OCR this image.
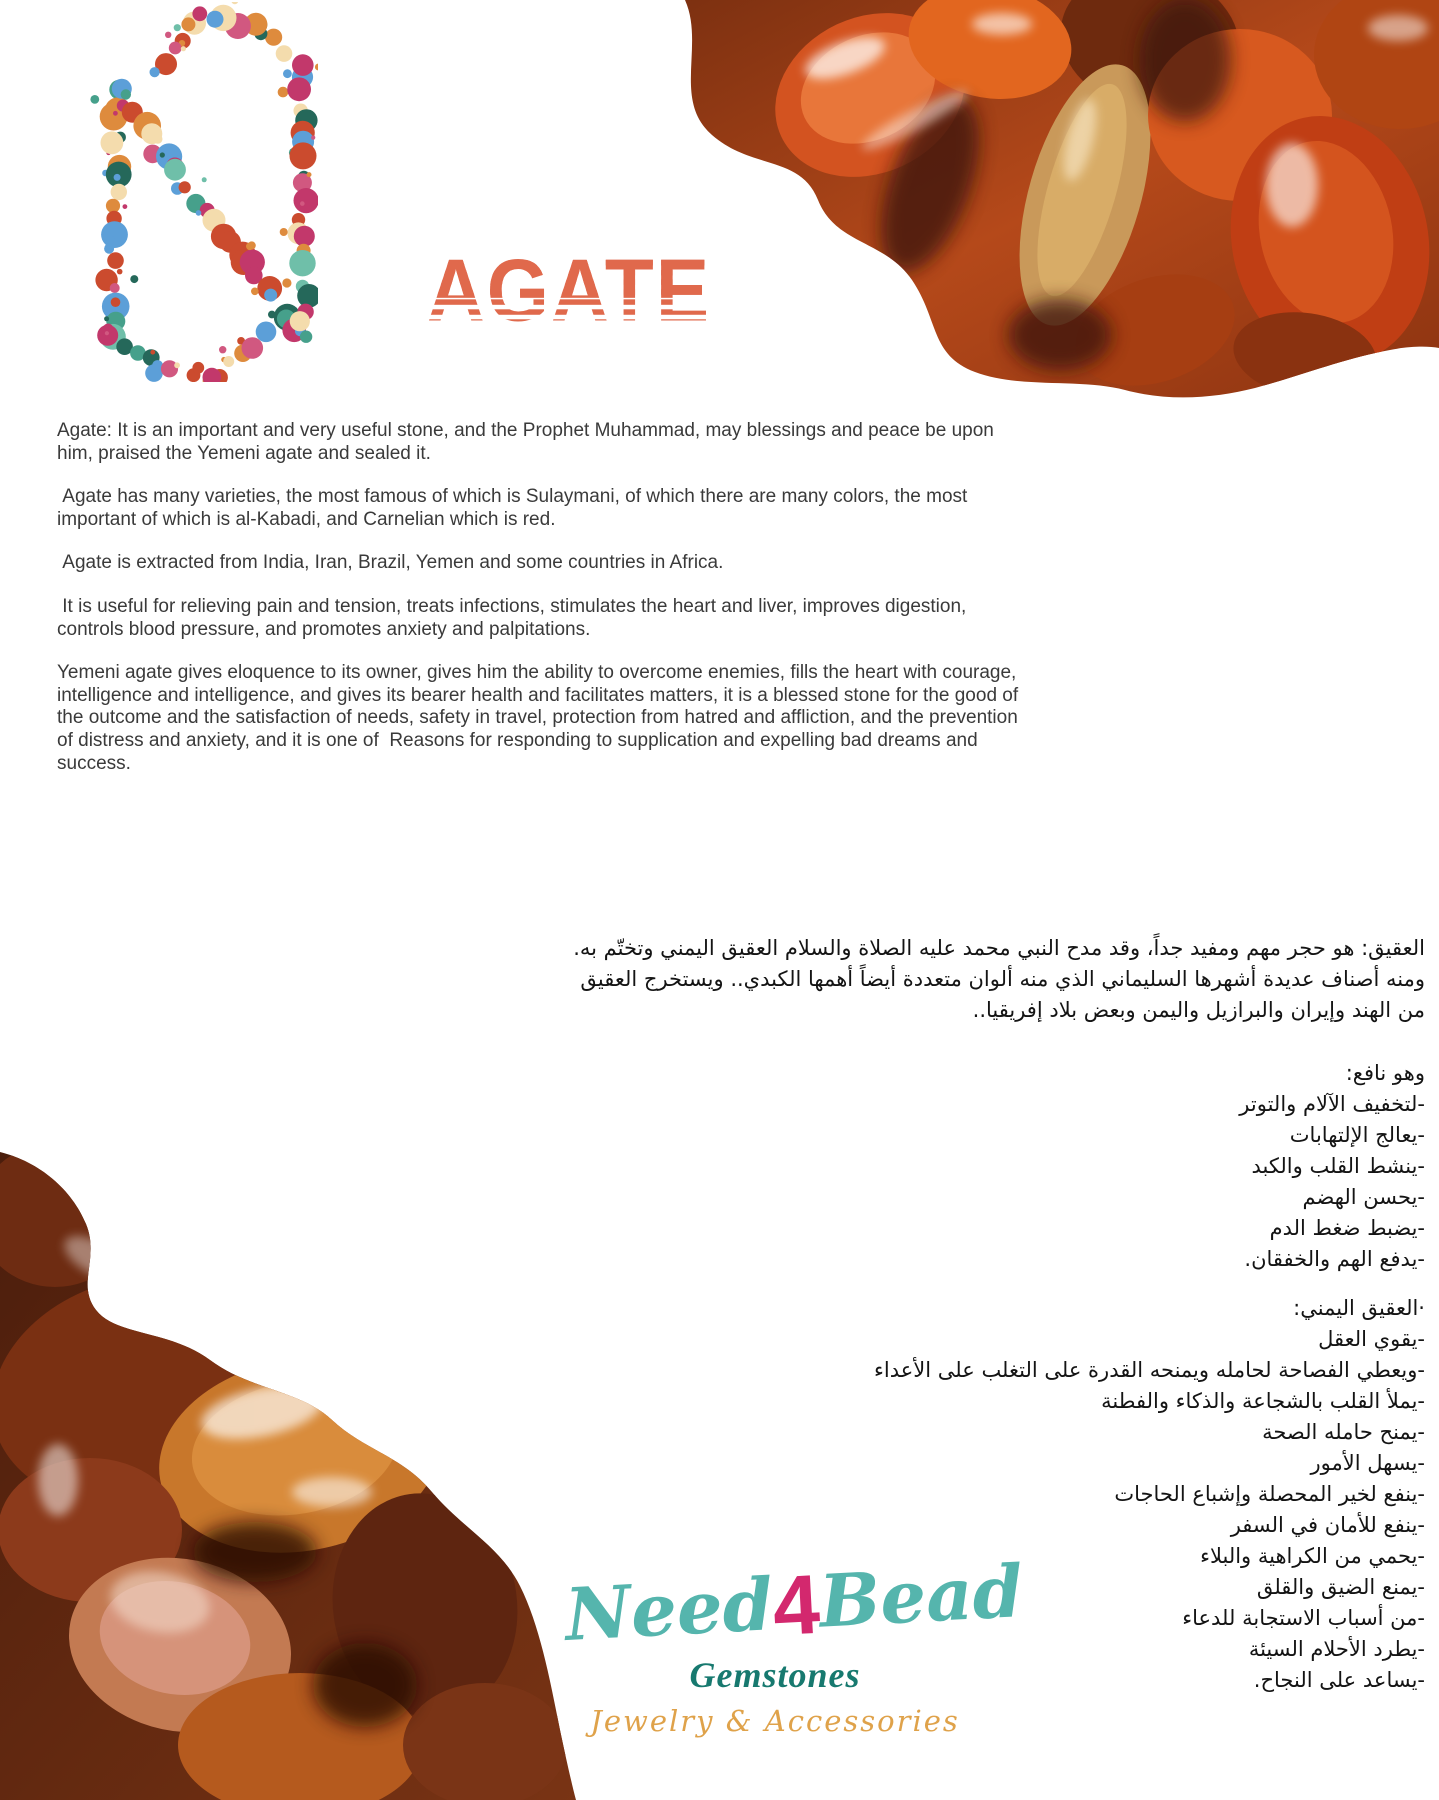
AGATE

Agate: It is an important and very useful stone, and the Prophet Muhammad, may blessings and peace be upon him, praised the Yemeni agate and sealed it.

Agate has many varieties, the most famous of which is Sulaymani, of which there are many colors, the most important of which is al-Kabadi, and Carnelian which is red.

Agate is extracted from India, Iran, Brazil, Yemen and some countries in Africa.

It is useful for relieving pain and tension, treats infections, stimulates the heart and liver, improves digestion, controls blood pressure, and promotes anxiety and palpitations.

Yemeni agate gives eloquence to its owner, gives him the ability to overcome enemies, fills the heart with courage, intelligence and intelligence, and gives its bearer health and facilitates matters, it is a blessed stone for the good of the outcome and the satisfaction of needs, safety in travel, protection from hatred and affliction, and the prevention of distress and anxiety, and it is one of  Reasons for responding to supplication and expelling bad dreams and success.

العقيق: هو حجر مهم ومفيد جداً، وقد مدح النبي محمد عليه الصلاة والسلام العقيق اليمني وتختّم به.
ومنه أصناف عديدة أشهرها السليماني الذي منه ألوان متعددة أيضاً أهمها الكبدي.. ويستخرج العقيق
من الهند وإيران والبرازيل واليمن وبعض بلاد إفريقيا..
وهو نافع:
-لتخفيف الآلام والتوتر
-يعالج الإلتهابات
-ينشط القلب والكبد
-يحسن الهضم
-يضبط ضغط الدم
-يدفع الهم والخفقان.
·العقيق اليمني:
-يقوي العقل
-ويعطي الفصاحة لحامله ويمنحه القدرة على التغلب على الأعداء
-يملأ القلب بالشجاعة والذكاء والفطنة
-يمنح حامله الصحة
-يسهل الأمور
-ينفع لخير المحصلة وإشباع الحاجات
-ينفع للأمان في السفر
-يحمي من الكراهية والبلاء
-يمنع الضيق والقلق
-من أسباب الاستجابة للدعاء
-يطرد الأحلام السيئة
-يساعد على النجاح.
Need4Bead
Gemstones
Jewelry & Accessories
